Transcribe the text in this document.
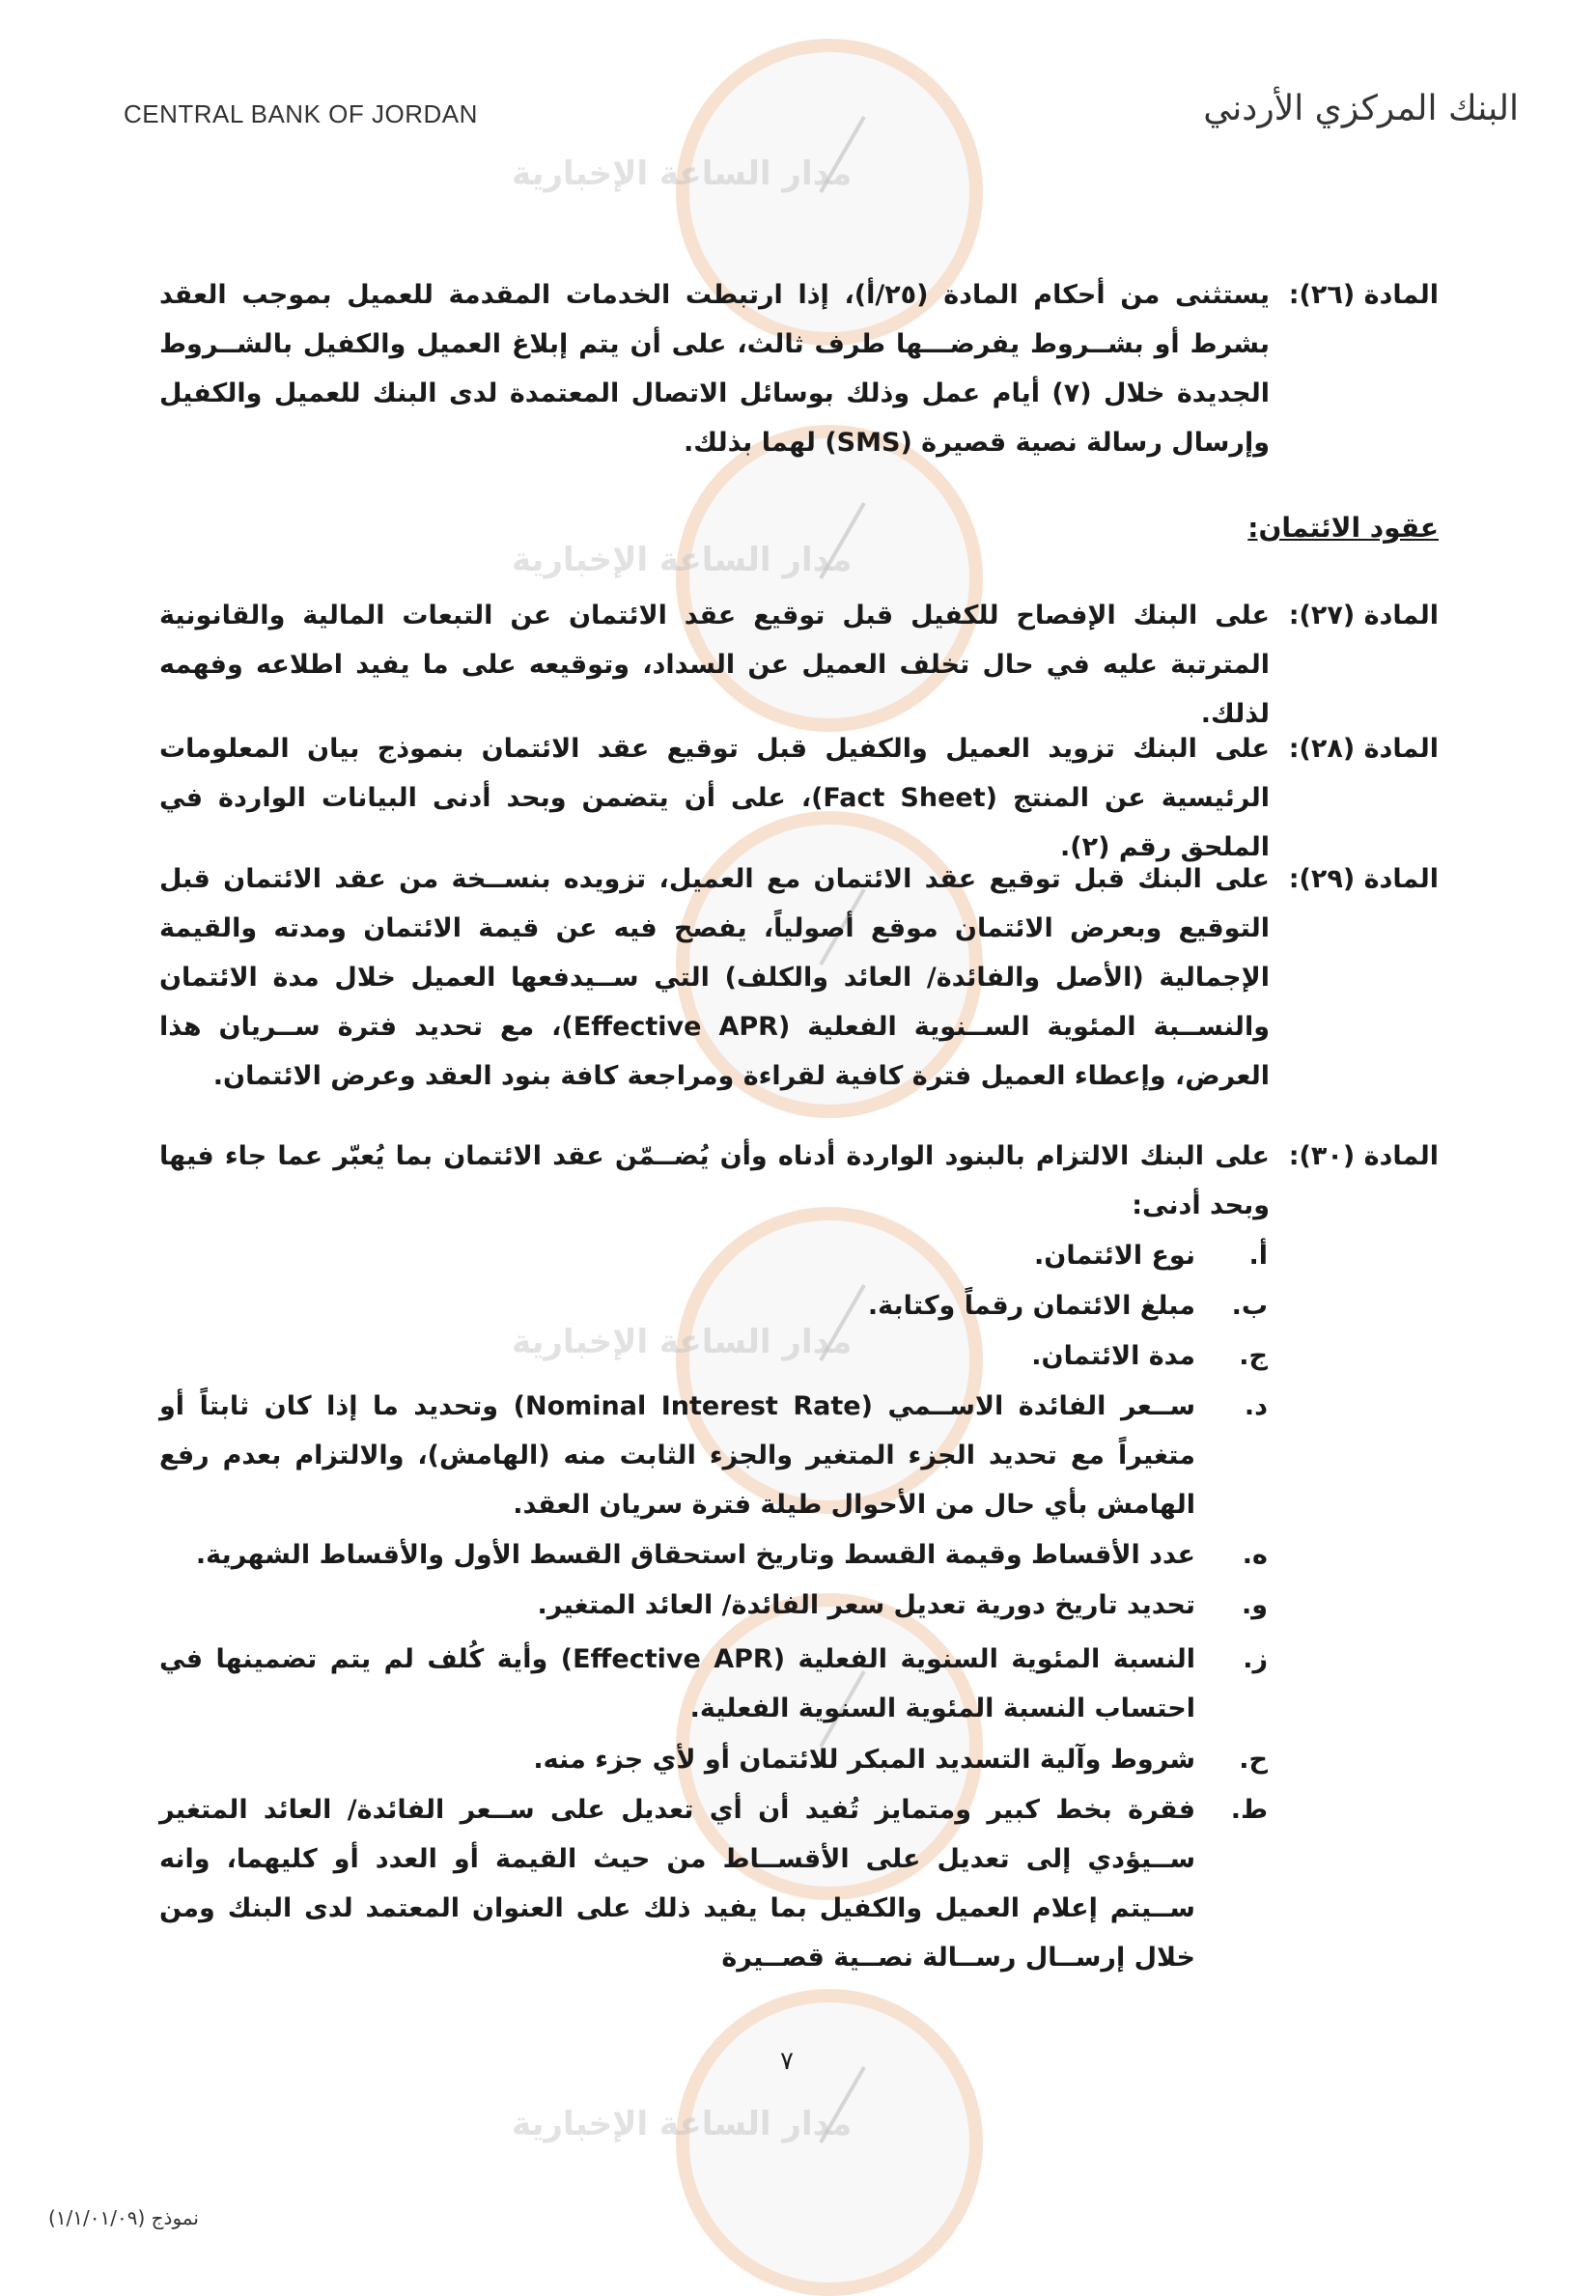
مدار الساعة الإخبارية
مدار الساعة الإخبارية
مدار الساعة الإخبارية
مدار الساعة الإخبارية
CENTRAL BANK OF JORDAN	البنك المركزي الأردني
المادة (٢٦):
يستثنى من أحكام المادة (٢٥/أ)، إذا ارتبطت الخدمات المقدمة للعميل بموجب العقد بشرط أو بشــروط يفرضـــها طرف ثالث، على أن يتم إبلاغ العميل والكفيل بالشــروط الجديدة خلال (٧) أيام عمل وذلك بوسائل الاتصال المعتمدة لدى البنك للعميل والكفيل وإرسال رسالة نصية قصيرة (SMS) لهما بذلك.
عقود الائتمان:
المادة (٢٧):
على البنك الإفصاح للكفيل قبل توقيع عقد الائتمان عن التبعات المالية والقانونية المترتبة عليه في حال تخلف العميل عن السداد، وتوقيعه على ما يفيد اطلاعه وفهمه لذلك.
المادة (٢٨):
على البنك تزويد العميل والكفيل قبل توقيع عقد الائتمان بنموذج بيان المعلومات الرئيسية عن المنتج (Fact Sheet)، على أن يتضمن وبحد أدنى البيانات الواردة في الملحق رقم (٢).
المادة (٢٩):
على البنك قبل توقيع عقد الائتمان مع العميل، تزويده بنســخة من عقد الائتمان قبل التوقيع وبعرض الائتمان موقع أصولياً، يفصح فيه عن قيمة الائتمان ومدته والقيمة الإجمالية (الأصل والفائدة/ العائد والكلف) التي ســيدفعها العميل خلال مدة الائتمان والنســبة المئوية الســنوية الفعلية (Effective APR)، مع تحديد فترة ســريان هذا العرض، وإعطاء العميل فترة كافية لقراءة ومراجعة كافة بنود العقد وعرض الائتمان.
المادة (٣٠):
على البنك الالتزام بالبنود الواردة أدناه وأن يُضــمّن عقد الائتمان بما يُعبّر عما جاء فيها وبحد أدنى:
أ.
نوع الائتمان.
ب.
مبلغ الائتمان رقماً وكتابة.
ج.
مدة الائتمان.
د.
ســعر الفائدة الاســمي (Nominal Interest Rate) وتحديد ما إذا كان ثابتاً أو متغيراً مع تحديد الجزء المتغير والجزء الثابت منه (الهامش)، والالتزام بعدم رفع الهامش بأي حال من الأحوال طيلة فترة سريان العقد.
ه.
عدد الأقساط وقيمة القسط وتاريخ استحقاق القسط الأول والأقساط الشهرية.
و.
تحديد تاريخ دورية تعديل سعر الفائدة/ العائد المتغير.
ز.
النسبة المئوية السنوية الفعلية (Effective APR) وأية كُلف لم يتم تضمينها في احتساب النسبة المئوية السنوية الفعلية.
ح.
شروط وآلية التسديد المبكر للائتمان أو لأي جزء منه.
ط.
فقرة بخط كبير ومتمايز تُفيد أن أي تعديل على ســعر الفائدة/ العائد المتغير ســيؤدي إلى تعديل على الأقســاط من حيث القيمة أو العدد أو كليهما، وانه ســيتم إعلام العميل والكفيل بما يفيد ذلك على العنوان المعتمد لدى البنك ومن خلال إرســال رســالة نصــية قصــيرة
٧
نموذج (١/١/٠١/٠٩)
